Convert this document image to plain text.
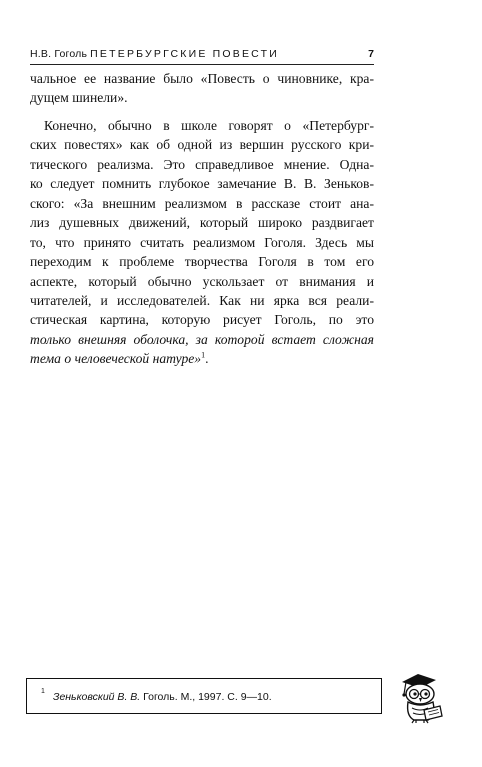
Н.В. Гоголь ПЕТЕРБУРГСКИЕ ПОВЕСТИ	7

чальное ее название было «Повесть о чиновнике, кра-
дущем шинели».

Конечно, обычно в школе говорят о «Петербург-
ских повестях» как об одной из вершин русского кри-
тического реализма. Это справедливое мнение. Одна-
ко следует помнить глубокое замечание В. В. Зеньков-
ского: «За внешним реализмом в рассказе стоит ана-
лиз душевных движений, который широко раздвигает
то, что принято считать реализмом Гоголя. Здесь мы
переходим к проблеме творчества Гоголя в том его
аспекте, который обычно ускользает от внимания и
читателей, и исследователей. Как ни ярка вся реали-
стическая картина, которую рисует Гоголь, по это
только внешняя оболочка, за которой встает сложная
тема о человеческой натуре»$^1$.

1 Зеньковский В. В. Гоголь. М., 1997. С. 9—10.
